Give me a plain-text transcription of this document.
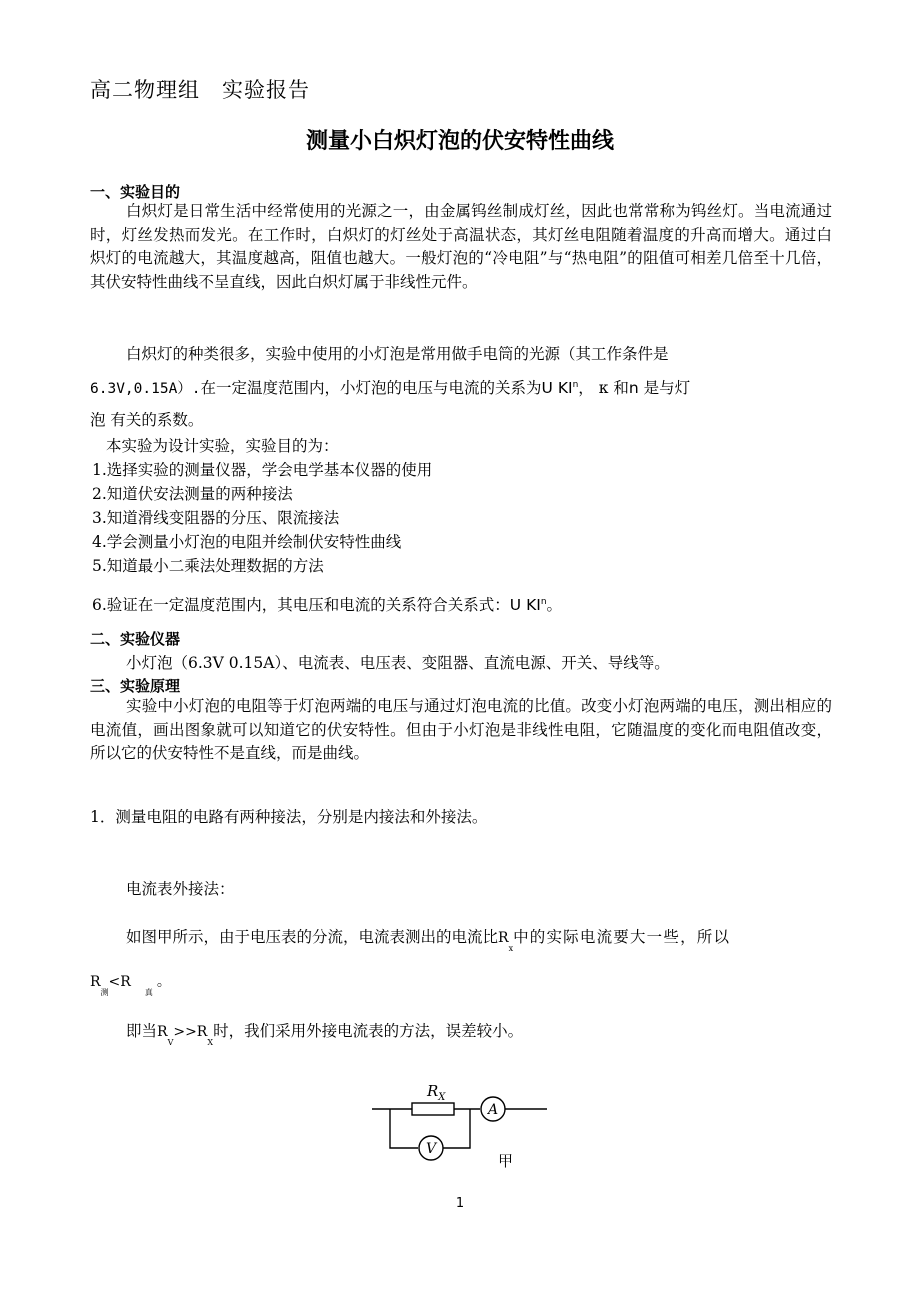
高二物理组　实验报告
测量小白炽灯泡的伏安特性曲线
一、实验目的
白炽灯是日常生活中经常使用的光源之一，由金属钨丝制成灯丝，因此也常常称为钨丝灯。当电流通过时，灯丝发热而发光。在工作时，白炽灯的灯丝处于高温状态，其灯丝电阻随着温度的升高而增大。通过白炽灯的电流越大，其温度越高，阻值也越大。一般灯泡的“冷电阻”与“热电阻”的阻值可相差几倍至十几倍，其伏安特性曲线不呈直线，因此白炽灯属于非线性元件。
白炽灯的种类很多，实验中使用的小灯泡是常用做手电筒的光源（其工作条件是
6.3V,0.15A）.在一定温度范围内，小灯泡的电压与电流的关系为U $KI^n$， κ 和n 是与灯
泡 有关的系数。
本实验为设计实验，实验目的为：
1.选择实验的测量仪器，学会电学基本仪器的使用
2.知道伏安法测量的两种接法
3.知道滑线变阻器的分压、限流接法
4.学会测量小灯泡的电阻并绘制伏安特性曲线
5.知道最小二乘法处理数据的方法
6.验证在一定温度范围内，其电压和电流的关系符合关系式：U $KI^n$。
二、实验仪器
小灯泡（6.3V 0.15A）、电流表、电压表、变阻器、直流电源、开关、导线等。
三、实验原理
实验中小灯泡的电阻等于灯泡两端的电压与通过灯泡电流的比值。改变小灯泡两端的电压，测出相应的电流值，画出图象就可以知道它的伏安特性。但由于小灯泡是非线性电阻，它随温度的变化而电阻值改变，所以它的伏安特性不是直线，而是曲线。
1．测量电阻的电路有两种接法，分别是内接法和外接法。
电流表外接法：
如图甲所示，由于电压表的分流，电流表测出的电流比$R_x$中的实际电流要大一些，所以
$R_测<R_真$。
即当$R_V>>R_X$时，我们采用外接电流表的方法，误差较小。
$R_X$
A
V
甲
1
